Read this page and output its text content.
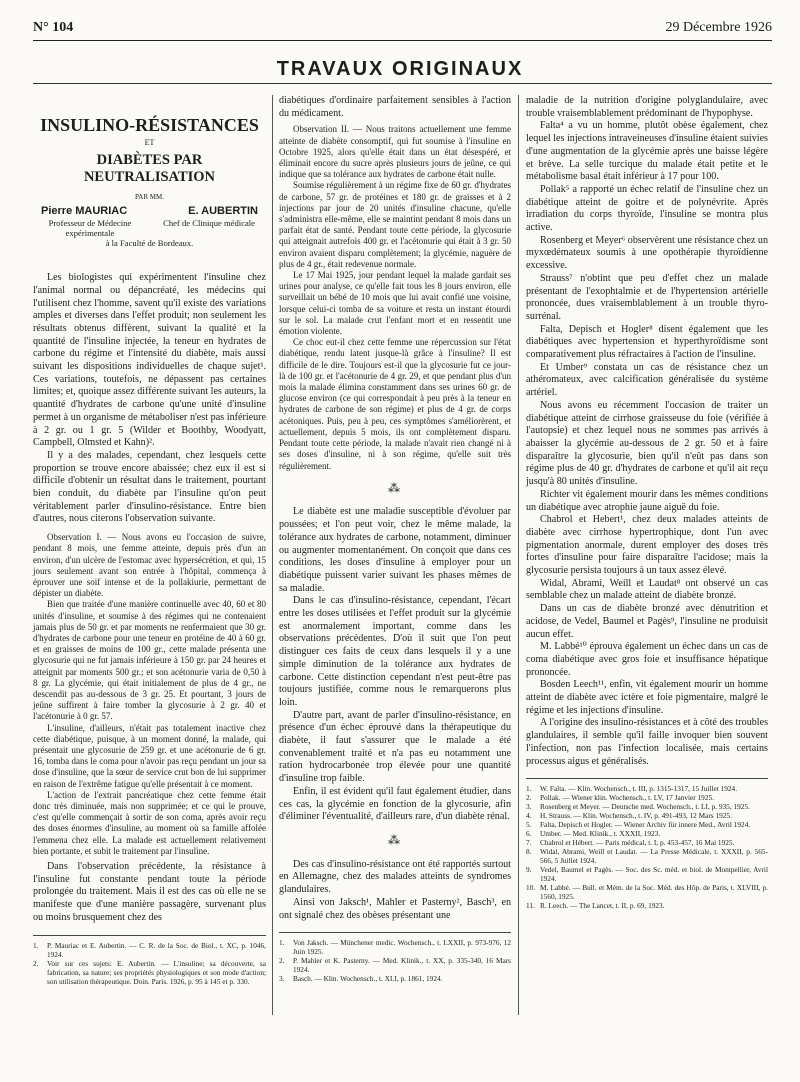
N° 104	29 Décembre 1926
TRAVAUX ORIGINAUX
INSULINO-RÉSISTANCES
ET
DIABÈTES PAR NEUTRALISATION
PAR MM.
Pierre MAURIAC	E. AUBERTIN
Professeur de Médecine expérimentale
Chef de Clinique médicale
à la Faculté de Bordeaux.

Les biologistes qui expérimentent l'insuline chez l'animal normal ou dépancréaté, les médecins qui l'utilisent chez l'homme, savent qu'il existe des variations amples et diverses dans l'effet produit; non seulement les résultats obtenus diffèrent, suivant la qualité et la quantité de l'insuline injectée, la teneur en hydrates de carbone du régime et l'intensité du diabète, mais aussi suivant les dispositions individuelles de chaque sujet¹. Ces variations, toutefois, ne dépassent pas certaines limites; et, quoique assez différente suivant les auteurs, la quantité d'hydrates de carbone qu'une unité d'insuline permet à un organisme de métaboliser n'est pas inférieure à 2 gr. ou 1 gr. 5 (Wilder et Boothby, Woodyatt, Campbell, Olmsted et Kahn)².

Il y a des malades, cependant, chez lesquels cette proportion se trouve encore abaissée; chez eux il est si difficile d'obtenir un résultat dans le traitement, pourtant bien conduit, du diabète par l'insuline qu'on peut véritablement parler d'insulino-résistance. Entre bien d'autres, nous citerons l'observation suivante.

Observation I. — Nous avons eu l'occasion de suivre, pendant 8 mois, une femme atteinte, depuis près d'un an environ, d'un ulcère de l'estomac avec hypersécrétion, et qui, 15 jours seulement avant son entrée à l'hôpital, commença à éprouver une soif intense et de la pollakiurie, permettant de dépister un diabète.

Bien que traitée d'une manière continuelle avec 40, 60 et 80 unités d'insuline, et soumise à des régimes qui ne contenaient jamais plus de 50 gr. et par moments ne renfermaient que 30 gr. d'hydrates de carbone pour une teneur en protéine de 40 à 60 gr. et en graisses de moins de 100 gr., cette malade présenta une glycosurie qui ne fut jamais inférieure à 150 gr. par 24 heures et atteignit par moments 500 gr.; et son acétonurie varia de 0,50 à 8 gr. La glycémie, qui était initialement de plus de 4 gr., ne descendit pas au-dessous de 3 gr. 25. Et pourtant, 3 jours de jeûne suffirent à faire tomber la glycosurie à 2 gr. 40 et l'acétonurie à 0 gr. 57.

L'insuline, d'ailleurs, n'était pas totalement inactive chez cette diabétique, puisque, à un moment donné, la malade, qui présentait une glycosurie de 259 gr. et une acétonurie de 6 gr. 16, tomba dans le coma pour n'avoir pas reçu pendant un jour sa dose d'insuline, que la sœur de service crut bon de lui supprimer en raison de l'extrême fatigue qu'elle présentait à ce moment.

L'action de l'extrait pancréatique chez cette femme était donc très diminuée, mais non supprimée; et ce qui le prouve, c'est qu'elle commençait à sortir de son coma, après avoir reçu des doses énormes d'insuline, au moment où sa famille affolée l'emmena chez elle. La malade est actuellement relativement bien portante, et subit le traitement par l'insuline.

Dans l'observation précédente, la résistance à l'insuline fut constante pendant toute la période prolongée du traitement. Mais il est des cas où elle ne se manifeste que d'une manière passagère, survenant plus ou moins brusquement chez des

1. P. Mauriac et E. Aubertin. — C. R. de la Soc. de Biol., t. XC, p. 1046, 1924.

2. Voir sur ces sujets: E. Aubertin. — L'insuline; sa découverte, sa fabrication, sa nature; ses propriétés physiologiques et son mode d'action; son utilisation thérapeutique. Doin. Paris. 1926, p. 95 à 145 et p. 330.

diabétiques d'ordinaire parfaitement sensibles à l'action du médicament.

Observation II. — Nous traitons actuellement une femme atteinte de diabète consomptif, qui fut soumise à l'insuline en Octobre 1925, alors qu'elle était dans un état désespéré, et éliminait encore du sucre après plusieurs jours de jeûne, ce qui indique que sa tolérance aux hydrates de carbone était nulle.

Soumise régulièrement à un régime fixe de 60 gr. d'hydrates de carbone, 57 gr. de protéines et 180 gr. de graisses et à 2 injections par jour de 20 unités d'insuline chacune, qu'elle s'administra elle-même, elle se maintint pendant 8 mois dans un parfait état de santé. Pendant toute cette période, la glycosurie qui atteignait autrefois 400 gr. et l'acétonurie qui était à 3 gr. 50 environ avaient disparu complètement; la glycémie, naguère de plus de 4 gr., était redevenue normale.

Le 17 Mai 1925, jour pendant lequel la malade gardait ses urines pour analyse, ce qu'elle fait tous les 8 jours environ, elle surveillait un bébé de 10 mois que lui avait confié une voisine, lorsque celui-ci tomba de sa voiture et resta un instant étourdi sur le sol. La malade crut l'enfant mort et en ressentit une émotion violente.

Ce choc eut-il chez cette femme une répercussion sur l'état diabétique, rendu latent jusque-là grâce à l'insuline? Il est difficile de le dire. Toujours est-il que la glycosurie fut ce jour-là de 100 gr. et l'acétonurie de 4 gr. 29, et que pendant plus d'un mois la malade élimina constamment dans ses urines 60 gr. de glucose environ (ce qui correspondait à peu près à la teneur en hydrates de carbone de son régime) et plus de 4 gr. de corps acétoniques. Puis, peu à peu, ces symptômes s'améliorèrent, et actuellement, depuis 5 mois, ils ont complètement disparu. Pendant toute cette période, la malade n'avait rien changé ni à ses doses d'insuline, ni à son régime, qu'elle suit très régulièrement.

⁂

Le diabète est une maladie susceptible d'évoluer par poussées; et l'on peut voir, chez le même malade, la tolérance aux hydrates de carbone, notamment, diminuer ou augmenter momentanément. On conçoit que dans ces conditions, les doses d'insuline à employer pour un diabétique puissent varier suivant les phases mêmes de sa maladie.

Dans le cas d'insulino-résistance, cependant, l'écart entre les doses utilisées et l'effet produit sur la glycémie est anormalement important, comme dans les observations précédentes. D'où il suit que l'on peut distinguer ces faits de ceux dans lesquels il y a une simple diminution de la tolérance aux hydrates de carbone. Cette distinction cependant n'est peut-être pas toujours justifiée, comme nous le remarquerons plus loin.

D'autre part, avant de parler d'insulino-résistance, en présence d'un échec éprouvé dans la thérapeutique du diabète, il faut s'assurer que le malade a été convenablement traité et n'a pas eu notamment une ration hydrocarbonée trop élevée pour une quantité d'insuline trop faible.

Enfin, il est évident qu'il faut également étudier, dans ces cas, la glycémie en fonction de la glycosurie, afin d'éliminer l'éventualité, d'ailleurs rare, d'un diabète rénal.

⁂

Des cas d'insulino-résistance ont été rapportés surtout en Allemagne, chez des malades atteints de syndromes glandulaires.

Ainsi von Jaksch¹, Mahler et Pasterny², Basch³, en ont signalé chez des obèses présentant une

1. Von Jaksch. — Münchener medic. Wochensch., t. LXXII, p. 973-976, 12 Juin 1925.

2. P. Mahler et K. Pasterny. — Med. Klinik., t. XX, p. 335-340, 16 Mars 1924.

3. Basch. — Klin. Wochensch., t. XLI, p. 1861, 1924.

maladie de la nutrition d'origine polyglandulaire, avec trouble vraisemblablement prédominant de l'hypophyse.

Falta⁴ a vu un homme, plutôt obèse également, chez lequel les injections intraveineuses d'insuline étaient suivies d'une augmentation de la glycémie après une baisse légère et brève. La selle turcique du malade était petite et le métabolisme basal était inférieur à 17 pour 100.

Pollak⁵ a rapporté un échec relatif de l'insuline chez un diabétique atteint de goitre et de polynévrite. Après irradiation du corps thyroïde, l'insuline se montra plus active.

Rosenberg et Meyer⁶ observèrent une résistance chez un myxœdémateux soumis à une opothérapie thyroïdienne excessive.

Strauss⁷ n'obtint que peu d'effet chez un malade présentant de l'exophtalmie et de l'hypertension artérielle prononcée, dues vraisemblablement à un trouble thyro-surrénal.

Falta, Depisch et Hogler⁸ disent également que les diabétiques avec hypertension et hyperthyroïdisme sont comparativement plus réfractaires à l'action de l'insuline.

Et Umber⁹ constata un cas de résistance chez un athéromateux, avec calcification généralisée du système artériel.

Nous avons eu récemment l'occasion de traiter un diabétique atteint de cirrhose graisseuse du foie (vérifiée à l'autopsie) et chez lequel nous ne sommes pas arrivés à abaisser la glycémie au-dessous de 2 gr. 50 et à faire disparaître la glycosurie, bien qu'il n'eût pas dans son régime plus de 40 gr. d'hydrates de carbone et qu'il ait reçu jusqu'à 80 unités d'insuline.

Richter vit également mourir dans les mêmes conditions un diabétique avec atrophie jaune aiguë du foie.

Chabrol et Hebert¹, chez deux malades atteints de diabète avec cirrhose hypertrophique, dont l'un avec pigmentation anormale, durent employer des doses très fortes d'insuline pour faire disparaître l'acidose; mais la glycosurie persista toujours à un taux assez élevé.

Widal, Abrami, Weill et Laudat⁸ ont observé un cas semblable chez un malade atteint de diabète bronzé.

Dans un cas de diabète bronzé avec dénutrition et acidose, de Vedel, Baumel et Pagès⁹, l'insuline ne produisit aucun effet.

M. Labbé¹⁰ éprouva également un échec dans un cas de coma diabétique avec gros foie et insuffisance hépatique prononcée.

Bosden Leech¹¹, enfin, vit également mourir un homme atteint de diabète avec ictère et foie pigmentaire, malgré le régime et les injections d'insuline.

A l'origine des insulino-résistances et à côté des troubles glandulaires, il semble qu'il faille invoquer bien souvent l'infection, non pas l'infection localisée, mais certains processus aigus et généralisés.

1. W. Falta. — Klin. Wochensch., t. III, p. 1315-1317, 15 Juillet 1924.

2. Pollak. — Wiener klin. Wochensch., t. LV, 17 Janvier 1925.

3. Rosenberg et Meyer. — Deutsche med. Wochensch., t. LI, p. 935, 1925.

4. H. Strauss. — Klin. Wochensch., t. IV, p. 491-493, 12 Mars 1925.

5. Falta, Depisch et Hogler. — Wiener Archiv für innere Med., Avril 1924.

6. Umber. — Med. Klinik., t. XXXII, 1923.

7. Chabrol et Hébert. — Paris médical, t. I, p. 453-457, 16 Mai 1925.

8. Widal, Abrami, Weill et Laudat. — La Presse Médicale, t. XXXII, p. 565-566, 5 Juillet 1924.

9. Vedel, Baumel et Pagès. — Soc. des Sc. méd. et biol. de Montpellier, Avril 1924.

10. M. Labbé. — Bull. et Mém. de la Soc. Méd. des Hôp. de Paris, t. XLVIII, p. 1560, 1925.

11. R. Leech. — The Lancet, t. II, p. 69, 1923.
